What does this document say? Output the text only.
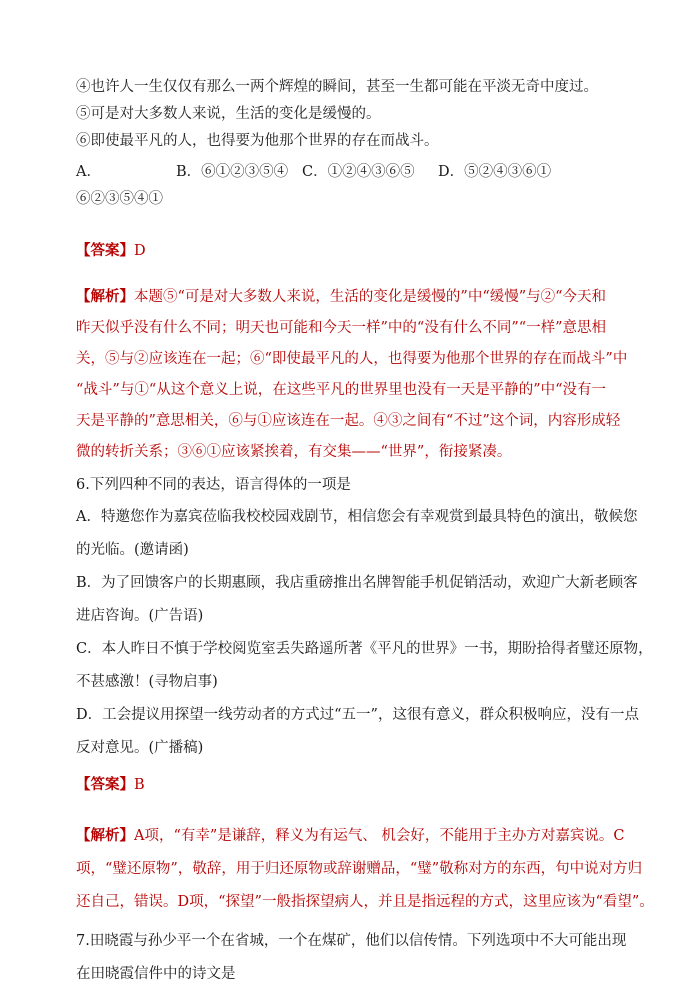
④也许人一生仅仅有那么一两个辉煌的瞬间，甚至一生都可能在平淡无奇中度过。
⑤可是对大多数人来说，生活的变化是缓慢的。
⑥即使最平凡的人，也得要为他那个世界的存在而战斗。
A．⑥②③⑤④①
B．⑥①②③⑤④ C．①②④③⑥⑤	D．⑤②④③⑥①
【答案】D
【解析】本题⑤“可是对大多数人来说，生活的变化是缓慢的”中“缓慢”与②“今天和
昨天似乎没有什么不同；明天也可能和今天一样”中的“没有什么不同”“一样”意思相
关，⑤与②应该连在一起；⑥“即使最平凡的人，也得要为他那个世界的存在而战斗”中
“战斗”与①“从这个意义上说，在这些平凡的世界里也没有一天是平静的”中“没有一
天是平静的”意思相关，⑥与①应该连在一起。④③之间有“不过”这个词，内容形成轻
微的转折关系；③⑥①应该紧挨着，有交集——“世界”，衔接紧凑。
6.下列四种不同的表达，语言得体的一项是
A．特邀您作为嘉宾莅临我校校园戏剧节，相信您会有幸观赏到最具特色的演出，敬候您
的光临。(邀请函)
B．为了回馈客户的长期惠顾，我店重磅推出名牌智能手机促销活动，欢迎广大新老顾客
进店咨询。(广告语)
C．本人昨日不慎于学校阅览室丢失路遥所著《平凡的世界》一书，期盼拾得者璧还原物，
不甚感激！(寻物启事)
D．工会提议用探望一线劳动者的方式过“五一”，这很有意义，群众积极响应，没有一点
反对意见。(广播稿)
【答案】B
【解析】A项，“有幸”是谦辞，释义为有运气、 机会好，不能用于主办方对嘉宾说。C
项，“璧还原物”，敬辞，用于归还原物或辞谢赠品，“璧”敬称对方的东西，句中说对方归
还自己，错误。D项，“探望”一般指探望病人，并且是指远程的方式，这里应该为“看望”。
7.田晓霞与孙少平一个在省城，一个在煤矿，他们以信传情。下列选项中不大可能出现
在田晓霞信件中的诗文是
